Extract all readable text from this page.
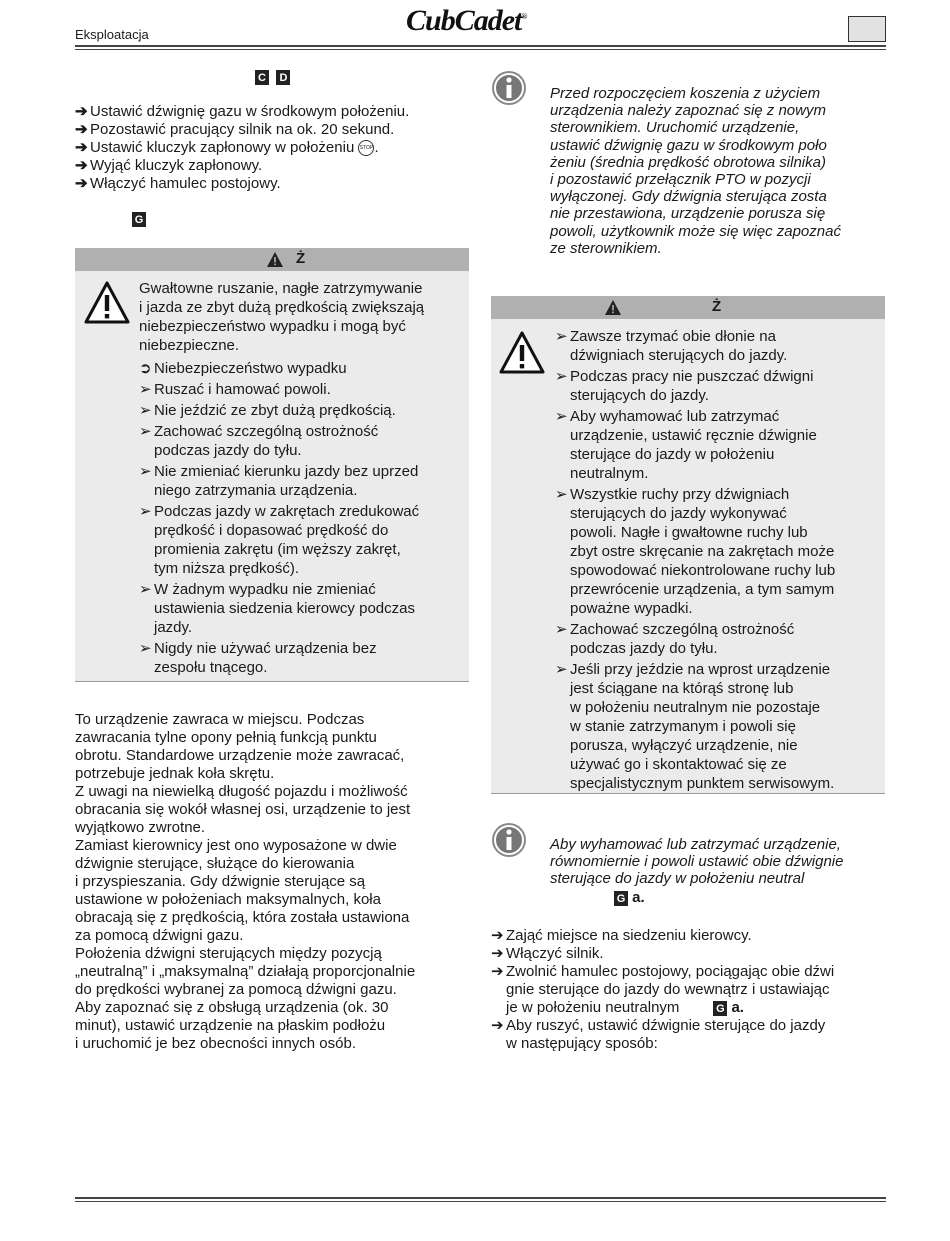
Eksploatacja	CubCadet®
C D
➔ Ustawić dźwignię gazu w środkowym położeniu.
➔ Pozostawić pracujący silnik na ok. 20 sekund.
➔ Ustawić kluczyk zapłonowy w położeniu STOP.
➔ Wyjąć kluczyk zapłonowy.
➔ Włączyć hamulec postojowy.
G
Ż
Gwałtowne ruszanie, nagłe zatrzymywanie
i jazda ze zbyt dużą prędkością zwiększają
niebezpieczeństwo wypadku i mogą być
niebezpieczne.
➲ Niebezpieczeństwo wypadku
➢ Ruszać i hamować powoli.
➢ Nie jeździć ze zbyt dużą prędkością.
➢ Zachować szczególną ostrożność
podczas jazdy do tyłu.
➢ Nie zmieniać kierunku jazdy bez uprzed
niego zatrzymania urządzenia.
➢ Podczas jazdy w zakrętach zredukować
prędkość i dopasować prędkość do
promienia zakrętu (im węższy zakręt,
tym niższa prędkość).
➢ W żadnym wypadku nie zmieniać
ustawienia siedzenia kierowcy podczas
jazdy.
➢ Nigdy nie używać urządzenia bez
zespołu tnącego.
To urządzenie zawraca w miejscu. Podczas
zawracania tylne opony pełnią funkcją punktu
obrotu. Standardowe urządzenie może zawracać,
potrzebuje jednak koła skrętu.
Z uwagi na niewielką długość pojazdu i możliwość
obracania się wokół własnej osi, urządzenie to jest
wyjątkowo zwrotne.
Zamiast kierownicy jest ono wyposażone w dwie
dźwignie sterujące, służące do kierowania
i przyspieszania. Gdy dźwignie sterujące są
ustawione w położeniach maksymalnych, koła
obracają się z prędkością, która została ustawiona
za pomocą dźwigni gazu.
Położenia dźwigni sterujących między pozycją
„neutralną” i „maksymalną” działają proporcjonalnie
do prędkości wybranej za pomocą dźwigni gazu.
Aby zapoznać się z obsługą urządzenia (ok. 30
minut), ustawić urządzenie na płaskim podłożu
i uruchomić je bez obecności innych osób.
Przed rozpoczęciem koszenia z użyciem
urządzenia należy zapoznać się z nowym
sterownikiem. Uruchomić urządzenie,
ustawić dźwignię gazu w środkowym poło
żeniu (średnia prędkość obrotowa silnika)
i pozostawić przełącznik PTO w pozycji
wyłączonej. Gdy dźwignia sterująca zosta
nie przestawiona, urządzenie porusza się
powoli, użytkownik może się więc zapoznać
ze sterownikiem.
Ż
➢ Zawsze trzymać obie dłonie na
dźwigniach sterujących do jazdy.
➢ Podczas pracy nie puszczać dźwigni
sterujących do jazdy.
➢ Aby wyhamować lub zatrzymać
urządzenie, ustawić ręcznie dźwignie
sterujące do jazdy w położeniu
neutralnym.
➢ Wszystkie ruchy przy dźwigniach
sterujących do jazdy wykonywać
powoli. Nagłe i gwałtowne ruchy lub
zbyt ostre skręcanie na zakrętach może
spowodować niekontrolowane ruchy lub
przewrócenie urządzenia, a tym samym
poważne wypadki.
➢ Zachować szczególną ostrożność
podczas jazdy do tyłu.
➢ Jeśli przy jeździe na wprost urządzenie
jest ściągane na którąś stronę lub
w położeniu neutralnym nie pozostaje
w stanie zatrzymanym i powoli się
porusza, wyłączyć urządzenie, nie
używać go i skontaktować się ze
specjalistycznym punktem serwisowym.
Aby wyhamować lub zatrzymać urządzenie,
równomiernie i powoli ustawić obie dźwignie
sterujące do jazdy w położeniu neutral
G a.
➔ Zająć miejsce na siedzeniu kierowcy.
➔ Włączyć silnik.
➔ Zwolnić hamulec postojowy, pociągając obie dźwi
gnie sterujące do jazdy do wewnątrz i ustawiając
je w położeniu neutralnym	G a.
➔ Aby ruszyć, ustawić dźwignie sterujące do jazdy
w następujący sposób:
